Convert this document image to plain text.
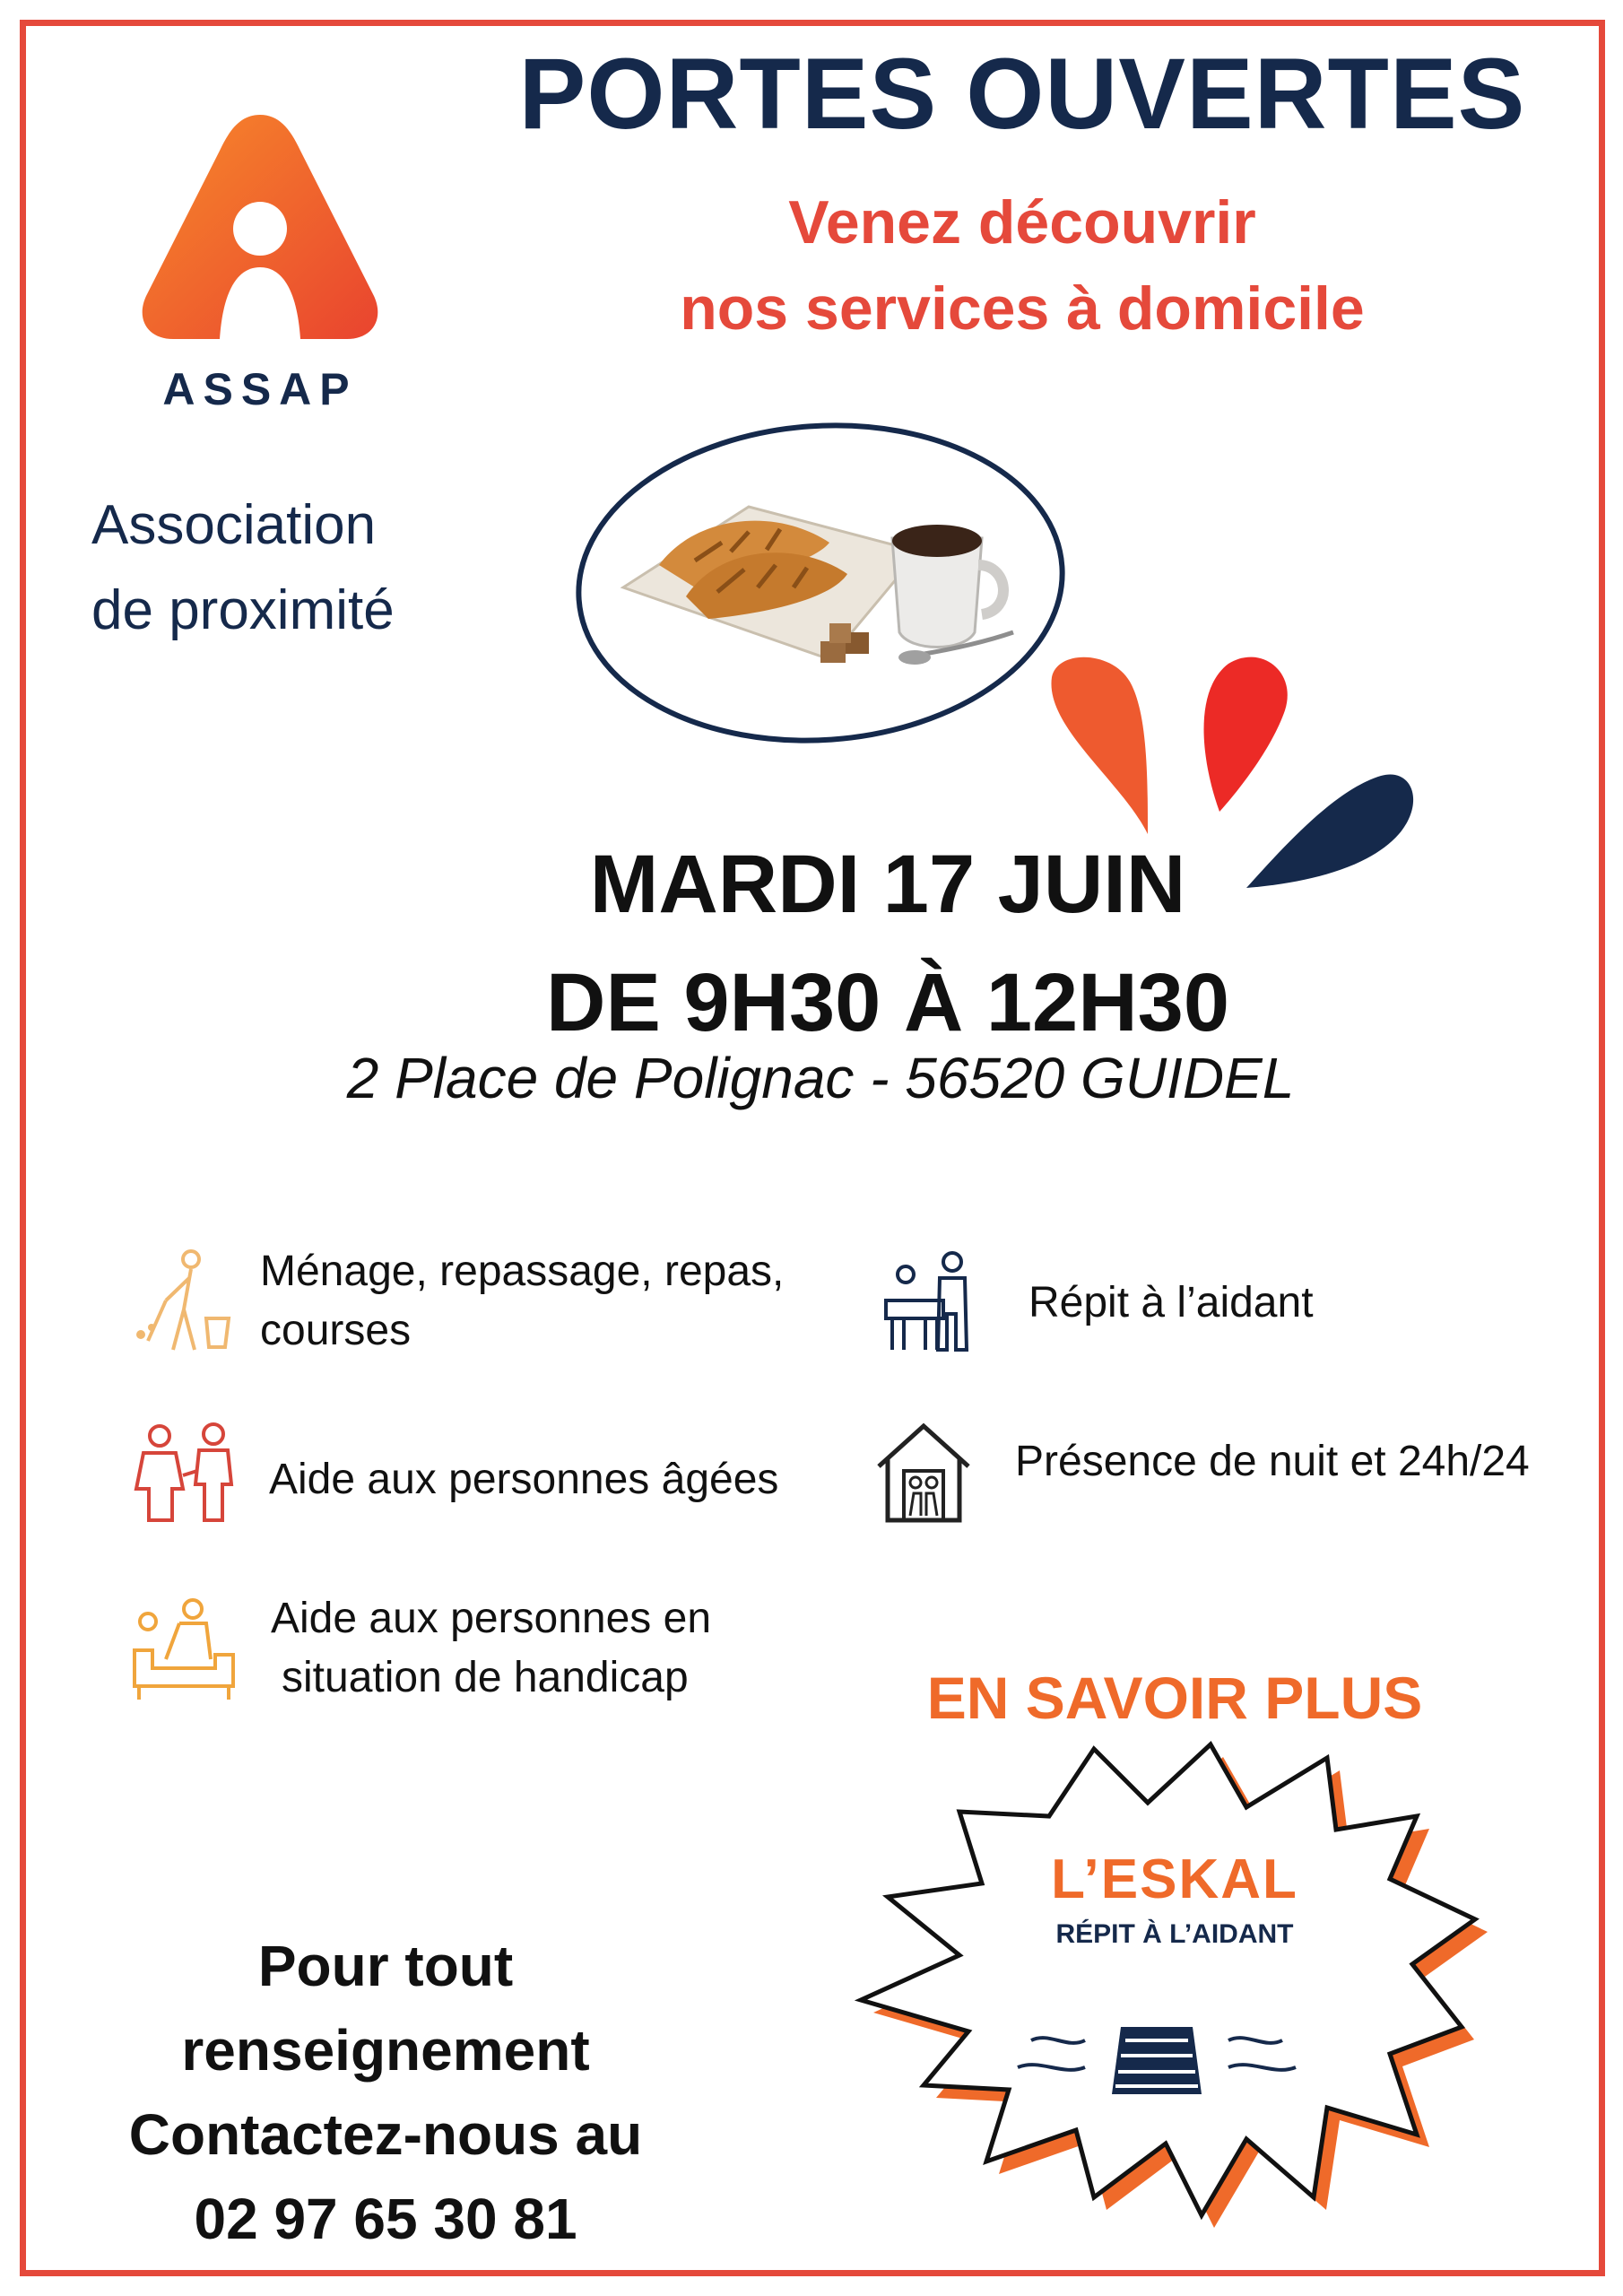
ASSAP
Association
de proximité
PORTES OUVERTES
Venez découvrir
nos services à domicile
MARDI 17 JUIN
DE 9H30 À 12H30
2 Place de Polignac - 56520 GUIDEL
Ménage, repassage, repas,
courses
Aide aux personnes âgées
Aide aux personnes en
situation de handicap
Répit à l’aidant
Présence de nuit et 24h/24
EN SAVOIR PLUS
L’ESKAL
RÉPIT À L’AIDANT
Pour tout
renseignement
Contactez-nous au
02 97 65 30 81
